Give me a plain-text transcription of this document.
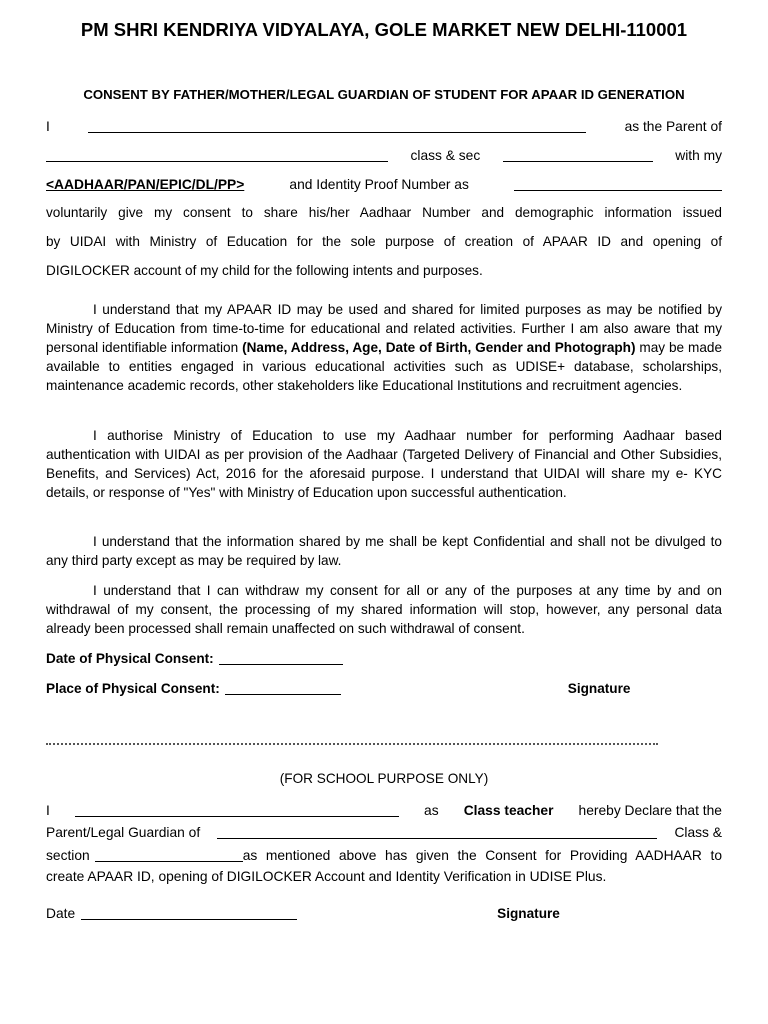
PM SHRI KENDRIYA VIDYALAYA, GOLE MARKET NEW DELHI-110001
CONSENT BY FATHER/MOTHER/LEGAL GUARDIAN OF STUDENT FOR APAAR ID GENERATION
I	as the Parent of
class & sec	with my
<AADHAAR/PAN/EPIC/DL/PP>	and Identity Proof Number as
voluntarily give my consent to share his/her Aadhaar Number and demographic information issued
by UIDAI with Ministry of Education for the sole purpose of creation of APAAR ID and opening of
DIGILOCKER account of my child for the following intents and purposes.
I understand that my APAAR ID may be used and shared for limited purposes as may be notified by Ministry of Education from time-to-time for educational and related activities. Further I am also aware that my personal identifiable information (Name, Address, Age, Date of Birth, Gender and Photograph) may be made available to entities engaged in various educational activities such as UDISE+ database, scholarships, maintenance academic records, other stakeholders like Educational Institutions and recruitment agencies.
I authorise Ministry of Education to use my Aadhaar number for performing Aadhaar based authentication with UIDAI as per provision of the Aadhaar (Targeted Delivery of Financial and Other Subsidies, Benefits, and Services) Act, 2016 for the aforesaid purpose. I understand that UIDAI will share my e- KYC details, or response of "Yes" with Ministry of Education upon successful authentication.
I understand that the information shared by me shall be kept Confidential and shall not be divulged to any third party except as may be required by law.
I understand that I can withdraw my consent for all or any of the purposes at any time by and on withdrawal of my consent, the processing of my shared information will stop, however, any personal data already been processed shall remain unaffected on such withdrawal of consent.
Date of Physical Consent:
Place of Physical Consent:	Signature
(FOR SCHOOL PURPOSE ONLY)
I	as Class teacher hereby Declare that the
Parent/Legal Guardian of	Class &
section	as mentioned above has given the Consent for Providing AADHAAR to
create APAAR ID, opening of DIGILOCKER Account and Identity Verification in UDISE Plus.
Date	Signature
